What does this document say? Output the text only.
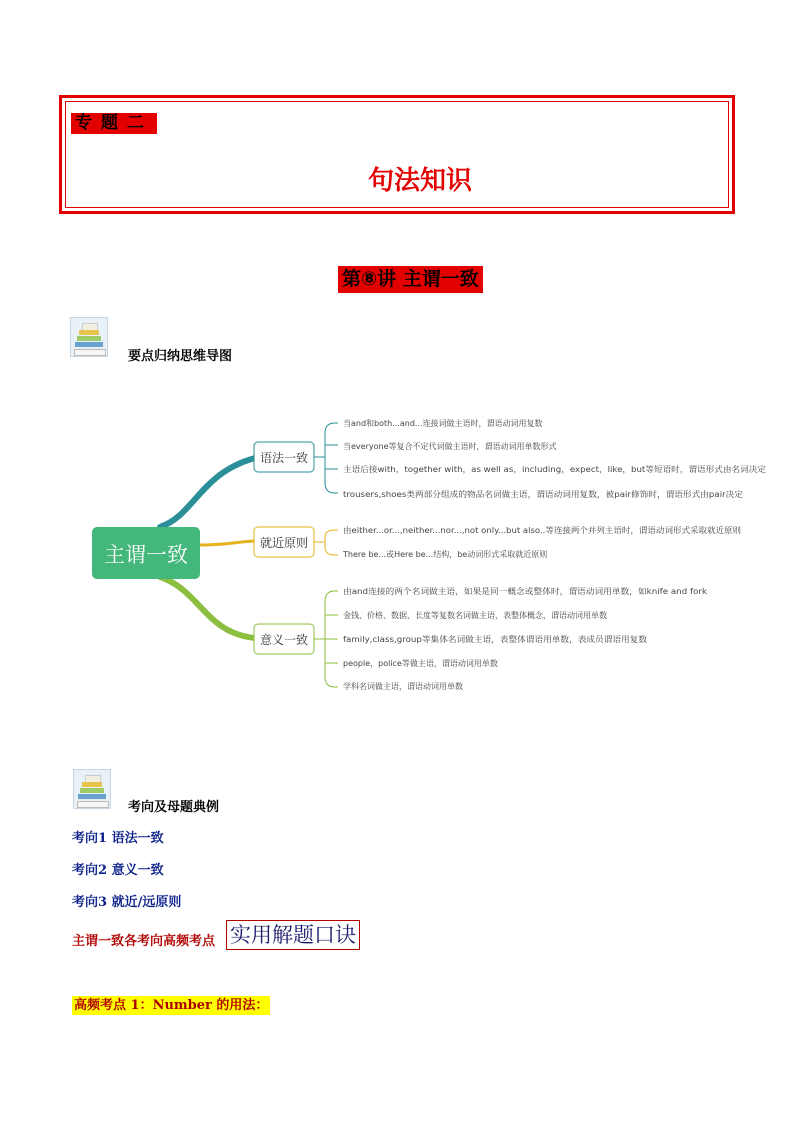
专题二
句法知识
第⑧讲 主谓一致
要点归纳思维导图
主谓一致
语法一致
当and和both...and...连接词做主语时，谓语动词用复数
当everyone等复合不定代词做主语时，谓语动词用单数形式
主语后接with，together with，as well as，including，expect，like，but等短语时，谓语形式由名词决定
trousers,shoes类两部分组成的物品名词做主语，谓语动词用复数，被pair修饰时，谓语形式由pair决定
就近原则
由either...or...,neither...nor...,not only...but also..等连接两个并列主语时，谓语动词形式采取就近原则
There be...或Here be...结构，be动词形式采取就近原则
意义一致
由and连接的两个名词做主语，如果是同一概念或整体时，谓语动词用单数，如knife and fork
金钱、价格、数据、长度等复数名词做主语，表整体概念，谓语动词用单数
family,class,group等集体名词做主语，表整体谓语用单数，表成员谓语用复数
people，police等做主语，谓语动词用单数
学科名词做主语，谓语动词用单数
考向及母题典例
考向1 语法一致
考向2 意义一致
考向3 就近/远原则
主谓一致各考向高频考点 实用解题口诀
高频考点 1：Number 的用法：
